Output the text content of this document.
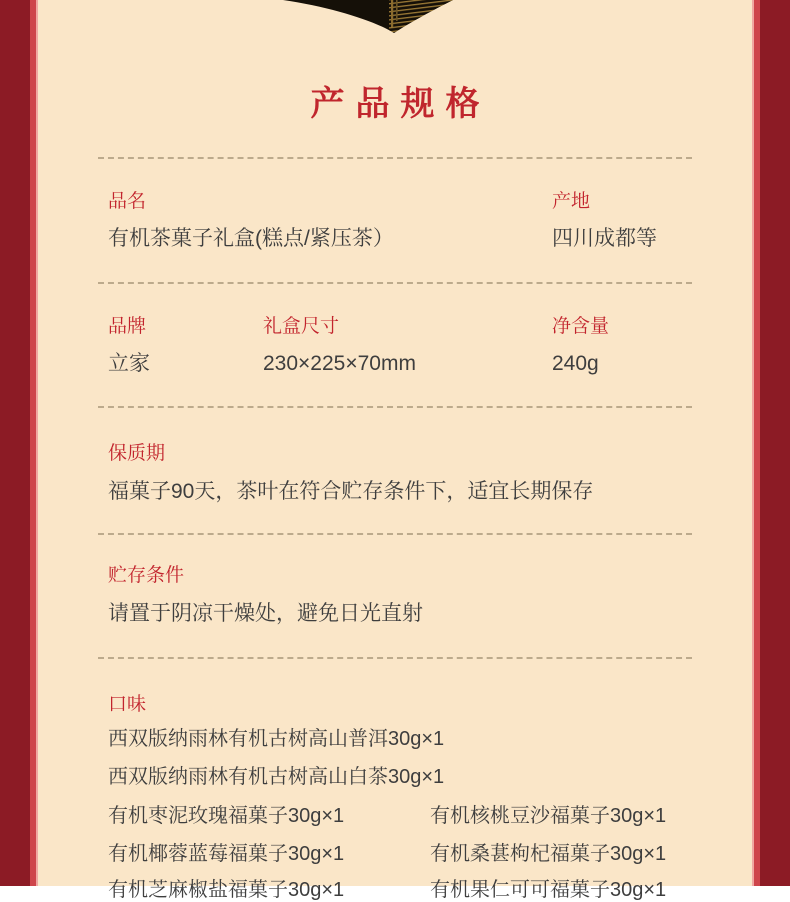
产品规格
品名
有机茶菓子礼盒(糕点/紧压茶）
产地
四川成都等
品牌
立家
礼盒尺寸
230×225×70mm
净含量
240g
保质期
福菓子90天，茶叶在符合贮存条件下，适宜长期保存
贮存条件
请置于阴凉干燥处，避免日光直射
口味
西双版纳雨林有机古树高山普洱30g×1
西双版纳雨林有机古树高山白茶30g×1
有机枣泥玫瑰福菓子30g×1	有机核桃豆沙福菓子30g×1
有机椰蓉蓝莓福菓子30g×1	有机桑葚枸杞福菓子30g×1
有机芝麻椒盐福菓子30g×1	有机果仁可可福菓子30g×1
